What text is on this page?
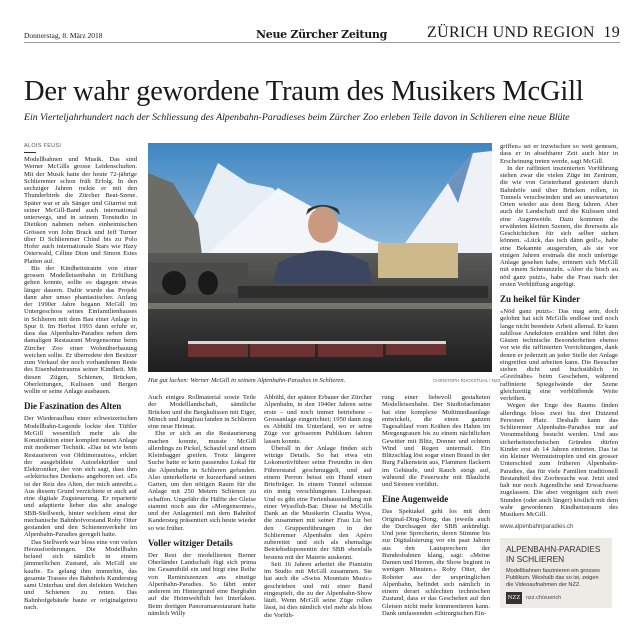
Donnerstag, 8. März 2018	Neue Zürcher Zeitung	ZÜRICH UND REGION 19
Der wahr gewordene Traum des Musikers McGill
Ein Vierteljahrhundert nach der Schliessung des Alpenbahn-Paradieses beim Zürcher Zoo erleben Teile davon in Schlieren eine neue Blüte
ALOIS FEUSI

Modellbahnen und Musik. Das sind Werner McGills grosse Leidenschaften. Mit der Musik hatte der heute 72-jährige Schlieremer schon früh Erfolg. In den sechziger Jahren rockte er mit den Thunderbirds die Zürcher Beat-Szene. Später war er als Sänger und Gitarrist mit seiner McGill-Band auch international unterwegs, und in seinem Tonstudio in Dietikon nahmen neben einheimischen Grössen von John Brack und Jeff Turner über D Schlieremer Chind bis zu Polo Hofer auch internationale Stars wie Hazy Osterwald, Céline Dion und Simon Estes Platten auf.

Bis der Kindheitstraum von einer grossen Modelleisenbahn in Erfüllung gehen konnte, sollte es dagegen etwas länger dauern. Dafür wurde das Projekt dann aber umso phantastischer. Anfang der 1990er Jahre begann McGill im Untergeschoss seines Einfamilienhauses in Schlieren mit dem Bau einer Anlage in Spur 0. Im Herbst 1993 dann erfuhr er, dass das Alpenbahn-Paradies neben dem damaligen Restaurant Morgensonne beim Zürcher Zoo einer Wohnüberbauung weichen sollte. Er überredete den Besitzer zum Verkauf der noch vorhandenen Reste des Eisenbahntraums seiner Kindheit. Mit diesen Zügen, Schienen, Brücken, Oberleitungen, Kulissen und Bergen wollte er seine Anlage ausbauen.

Die Faszination des Alten

Der Wiederaufbau einer schweizerischen Modellbahn-Legende lockte den Tüftler McGill wesentlich mehr als die Konstruktion einer komplett neuen Anlage mit moderner Technik. «Das ist wie beim Restaurieren von Oldtimerautos», erklärt der ausgebildete Autoelektriker und Elektroniker, der von sich sagt, dass ihm «elektrisches Denken» angeboren sei. «Es ist der Reiz des Alten, der mich antreibt.» Aus diesem Grund verzichtete er auch auf eine digitale Zugsteuerung. Er reparierte und adaptierte lieber das alte analoge SBB-Stellwerk, hinter welchem einst der mechanische Bahnhofvorstand Roby Otter gestanden und den Schienenverkehr im Alpenbahn-Paradies geregelt hatte.

Das Stellwerk war bloss eine von vielen Herausforderungen. Die Modellbahn befand sich nämlich in einem jämmerlichen Zustand, als McGill sie kaufte. Es gelang ihm immerhin, das gesamte Trassee des Bahnhofs Kandersteg samt Unterbau und den defekten Weichen und Schienen zu retten. Das Bahnhofgebäude baute er originalgetreu nach.

Hat gut lachen: Werner McGill in seinem Alpenbahn-Paradies in Schlieren.	CHRISTOPH RUCKSTUHL / NZZ

Auch einiges Rollmaterial sowie Teile der Modelllandschaft, sämtliche Brücken und die Bergkulissen mit Eiger, Mönch und Jungfrau fanden in Schlieren eine neue Heimat.

Ehe er sich an die Restaurierung machen konnte, musste McGill allerdings zu Pickel, Schaufel und einem Kleinbagger greifen. Trotz längerer Suche hatte er kein passendes Lokal für die Alpenbahn in Schlieren gefunden. Also unterkellerte er kurzerhand seinen Garten, um den nötigen Raum für die Anlage mit 250 Metern Schienen zu schaffen. Ungefähr die Hälfte der Gleise stammt noch aus der «Morgensonne», und der Anlagenteil mit dem Bahnhof Kandersteg präsentiert sich heute wieder so wie früher.

Voller witziger Details

Der Rest der modellierten Berner Oberländer Landschaft fügt sich prima ins Gesamtbild ein und birgt eine Reihe von Reminiszenzen ans einstige Alpenbahn-Paradies. So fährt unter anderem im Hintergrund eine Bergbahn auf die Heimwehfluh bei Interlaken. Beim dortigen Panoramarestaurant hatte nämlich Willy

Abbühl, der spätere Erbauer der Zürcher Alpenbahn, in den 1940er Jahren seine erste – und noch immer betriebene – Grossanlage eingerichtet; 1950 dann zog es Abbühl ins Unterland, wo er seine Züge vor grösserem Publikum fahren lassen konnte.

Überall in der Anlage finden sich witzige Details. So hat etwa ein Lokomotivführer seine Freundin in den Führerstand geschmuggelt, und auf einem Perron beisst ein Hund einen Briefträger. In einem Tunnel schmust ein innig verschlungenes Liebespaar. Und es gibt eine Ferienhaussiedlung mit einer Wyssfluh-Bar. Diese ist McGills Dank an die Musikerin Claudia Wyss, die zusammen mit seiner Frau Liz bei den Gruppenführungen in der Schlieremer Alpenbahn den Apéro zubereitet und sich als ehemalige Betriebsdisponentin der SBB ebenfalls bestens mit der Materie auskennt.

Seit 16 Jahren arbeitet die Pianistin im Studio mit McGill zusammen. Sie hat auch die «Swiss Mountain Music» geschrieben und mit einer Band eingespielt, die zu der Alpenbahn-Show läuft. Wenn McGill seine Züge rollen lässt, ist dies nämlich viel mehr als bloss die Vorfüh-

rung einer liebevoll gestalteten Modelleisenbahn. Der Studiofachmann hat eine komplexe Multimediaanlage entwickelt, die einen ganzen Tagesablauf vom Krähen des Hahns im Morgengrauen bis zu einem nächtlichen Gewitter mit Blitz, Donner und echtem Wind und Regen untermalt. Ein Blitzschlag löst sogar einen Brand in der Burg Falkenstein aus, Flammen flackern im Gebäude, und Rauch steigt auf, während die Feuerwehr mit Blaulicht und Sirenen vorfährt.

Eine Augenweide

Das Spektakel geht los mit dem Original-Ding-Dong, das jeweils auch die Durchsagen der SBB ankündigt. Und jene Sprecherin, deren Stimme bis zur Digitalisierung vor ein paar Jahren aus den Lautsprechern der Bundesbahnen klang, sagt: «Meine Damen und Herren, die Show beginnt in wenigen Minuten.» Roby Otter, der Roboter aus der ursprünglichen Alpenbahn, befindet sich nämlich in einem derart schlechten technischen Zustand, dass er das Geschehen auf den Gleisen nicht mehr kommentieren kann. Dank umfassenden «chirurgischen Ein-

griffen» sei er inzwischen so weit genesen, dass er in absehbarer Zeit auch hier in Erscheinung treten werde, sagt McGill.

In der raffiniert inszenierten Vorführung stehen zwar die vielen Züge im Zentrum, die wie von Geisterhand gesteuert durch Bahnhöfe und über Brücken rollen, in Tunnels verschwinden und an unerwarteten Orten wieder aus dem Berg fahren. Aber auch die Landschaft und die Kulissen sind eine Augenweide. Dazu kommen die erwähnten kleinen Szenen, die ihrerseits als Geschichtchen für sich selber stehen können. «Lück, das isch dänn geil!», habe eine Bekannte ausgerufen, als sie vor einigen Jahren erstmals die noch unfertige Anlage gesehen habe, erinnert sich McGill mit einem Schmunzeln. «Aber du bisch au nöd ganz putzt», habe die Frau nach der ersten Verblüffung angefügt.

Zu heikel für Kinder

«Nöd ganz putzt»: Das mag sein, doch gelohnt hat sich McGills endlose und noch lange nicht beendete Arbeit allemal. Er kann zahllose Anekdoten erzählen und führt den Gästen technische Besonderheiten ebenso vor wie die raffinierten Vorrichtungen, dank denen er jederzeit an jeder Stelle der Anlage eingreifen und arbeiten kann. Die Besucher stehen dicht und buchstäblich in «Greifnähe» beim Geschehen, während raffinierte Spiegelwände der Szene gleichzeitig eine verblüffende Weite verleihen.

Wegen der Enge des Raums finden allerdings bloss zwei bis drei Dutzend Personen Platz. Deshalb kann das Schlieremer Alpenbahn-Paradies nur auf Voranmeldung besucht werden. Und aus sicherheitstechnischen Gründen dürfen Kinder erst ab 14 Jahren eintreten. Das ist ein kleiner Wermutstropfen und ein grosser Unterschied zum früheren Alpenbahn-Paradies, das für viele Familien traditionell Bestandteil des Zoobesuchs war. Jetzt sind halt nur noch Jugendliche und Erwachsene zugelassen. Die aber vergnügen sich zwei Stunden (oder auch länger) köstlich mit dem wahr gewordenen Kindheitstraum des Musikers McGill.

www.alpenbahnparadies.ch
ALPENBAHN-PARADIES
IN SCHLIEREN
Modellbahnen faszinieren ein grosses Publikum. Weshalb das so ist, zeigen die Videoaufnahmen der NZZ.
NZZ	nzz.ch/zuerich
